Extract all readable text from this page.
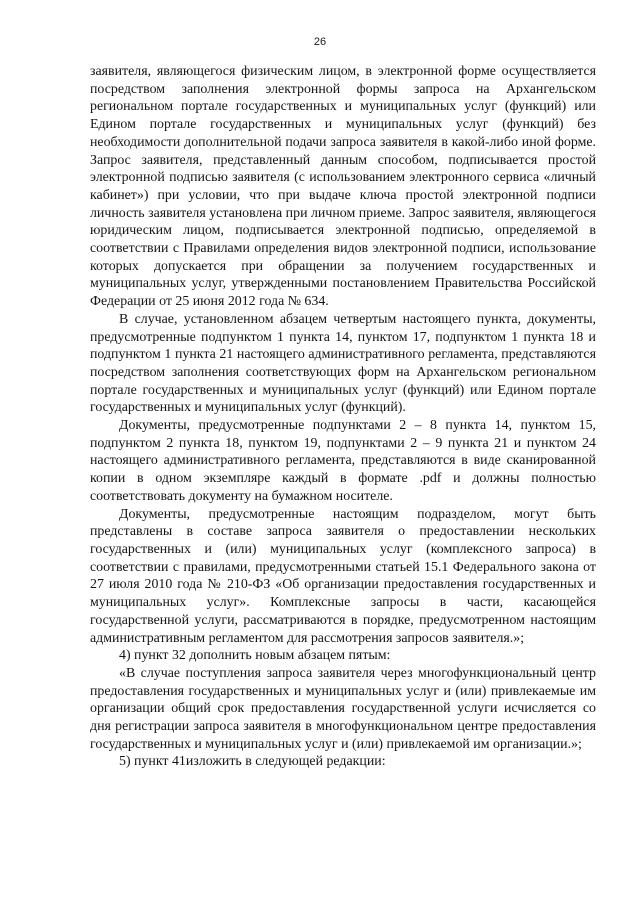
26

заявителя, являющегося физическим лицом, в электронной форме осуществляется посредством заполнения электронной формы запроса на Архангельском региональном портале государственных и муниципальных услуг (функций) или Едином портале государственных и муниципальных услуг (функций) без необходимости дополнительной подачи запроса заявителя в какой-либо иной форме. Запрос заявителя, представленный данным способом, подписывается простой электронной подписью заявителя (с использованием электронного сервиса «личный кабинет») при условии, что при выдаче ключа простой электронной подписи личность заявителя установлена при личном приеме. Запрос заявителя, являющегося юридическим лицом, подписывается электронной подписью, определяемой в соответствии с Правилами определения видов электронной подписи, использование которых допускается при обращении за получением государственных и муниципальных услуг, утвержденными постановлением Правительства Российской Федерации от 25 июня 2012 года № 634.

В случае, установленном абзацем четвертым настоящего пункта, документы, предусмотренные подпунктом 1 пункта 14, пунктом 17, подпунктом 1 пункта 18 и подпунктом 1 пункта 21 настоящего административного регламента, представляются посредством заполнения соответствующих форм на Архангельском региональном портале государственных и муниципальных услуг (функций) или Едином портале государственных и муниципальных услуг (функций).

Документы, предусмотренные подпунктами 2 – 8 пункта 14, пунктом 15, подпунктом 2 пункта 18, пунктом 19, подпунктами 2 – 9 пункта 21 и пунктом 24 настоящего административного регламента, представляются в виде сканированной копии в одном экземпляре каждый в формате .pdf и должны полностью соответствовать документу на бумажном носителе.

Документы, предусмотренные настоящим подразделом, могут быть представлены в составе запроса заявителя о предоставлении нескольких государственных и (или) муниципальных услуг (комплексного запроса) в соответствии с правилами, предусмотренными статьей 15.1 Федерального закона от 27 июля 2010 года № 210-ФЗ «Об организации предоставления государственных и муниципальных услуг». Комплексные запросы в части, касающейся государственной услуги, рассматриваются в порядке, предусмотренном настоящим административным регламентом для рассмотрения запросов заявителя.»;

4) пункт 32 дополнить новым абзацем пятым:

«В случае поступления запроса заявителя через многофункциональный центр предоставления государственных и муниципальных услуг и (или) привлекаемые им организации общий срок предоставления государственной услуги исчисляется со дня регистрации запроса заявителя в многофункциональном центре предоставления государственных и муниципальных услуг и (или) привлекаемой им организации.»;

5) пункт 41изложить в следующей редакции:
